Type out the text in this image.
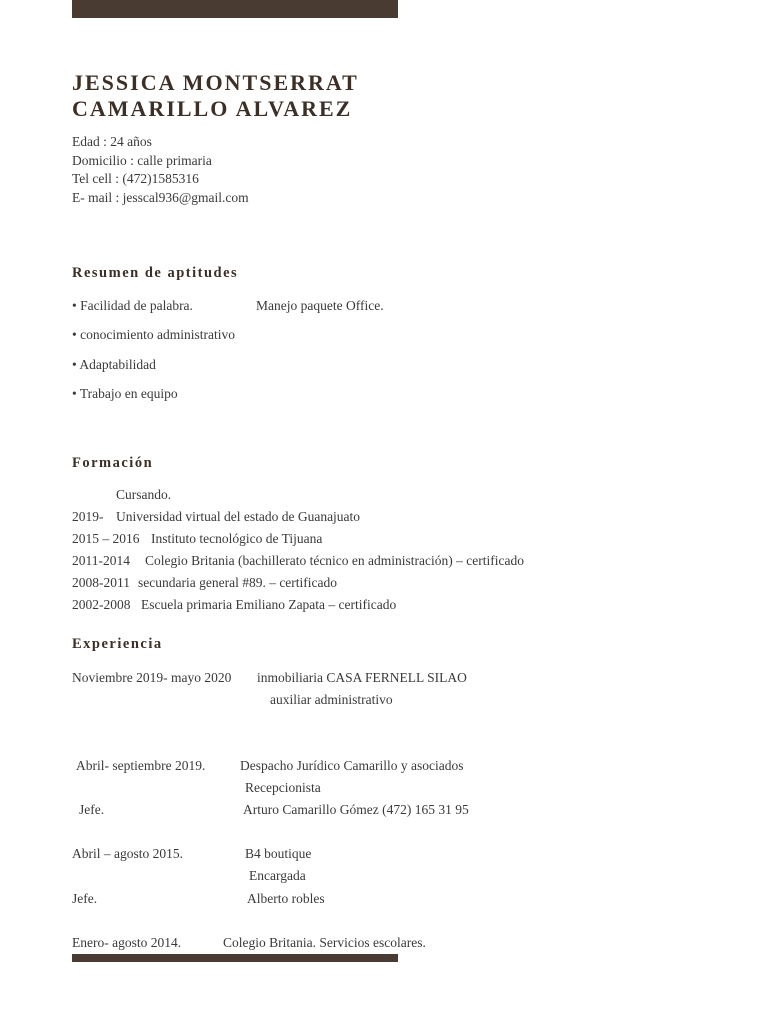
JESSICA MONTSERRAT
CAMARILLO ALVAREZ
Edad : 24 años
Domicilio : calle primaria
Tel cell : (472)1585316
E- mail : jesscal936@gmail.com
Resumen de aptitudes
• Facilidad de palabra.	Manejo paquete Office.
• conocimiento administrativo
• Adaptabilidad
• Trabajo en equipo
Formación
Cursando.
2019- Universidad virtual del estado de Guanajuato
2015 – 2016 Instituto tecnológico de Tijuana
2011-2014 Colegio Britania (bachillerato técnico en administración) – certificado
2008-2011 secundaria general #89. – certificado
2002-2008 Escuela primaria Emiliano Zapata – certificado
Experiencia
Noviembre 2019- mayo 2020 inmobiliaria CASA FERNELL SILAO
auxiliar administrativo
Abril- septiembre 2019.	Despacho Jurídico Camarillo y asociados
Recepcionista
Jefe.	Arturo Camarillo Gómez (472) 165 31 95
Abril – agosto 2015.	B4 boutique
Encargada
Jefe.	Alberto robles
Enero- agosto 2014.	Colegio Britania. Servicios escolares.
